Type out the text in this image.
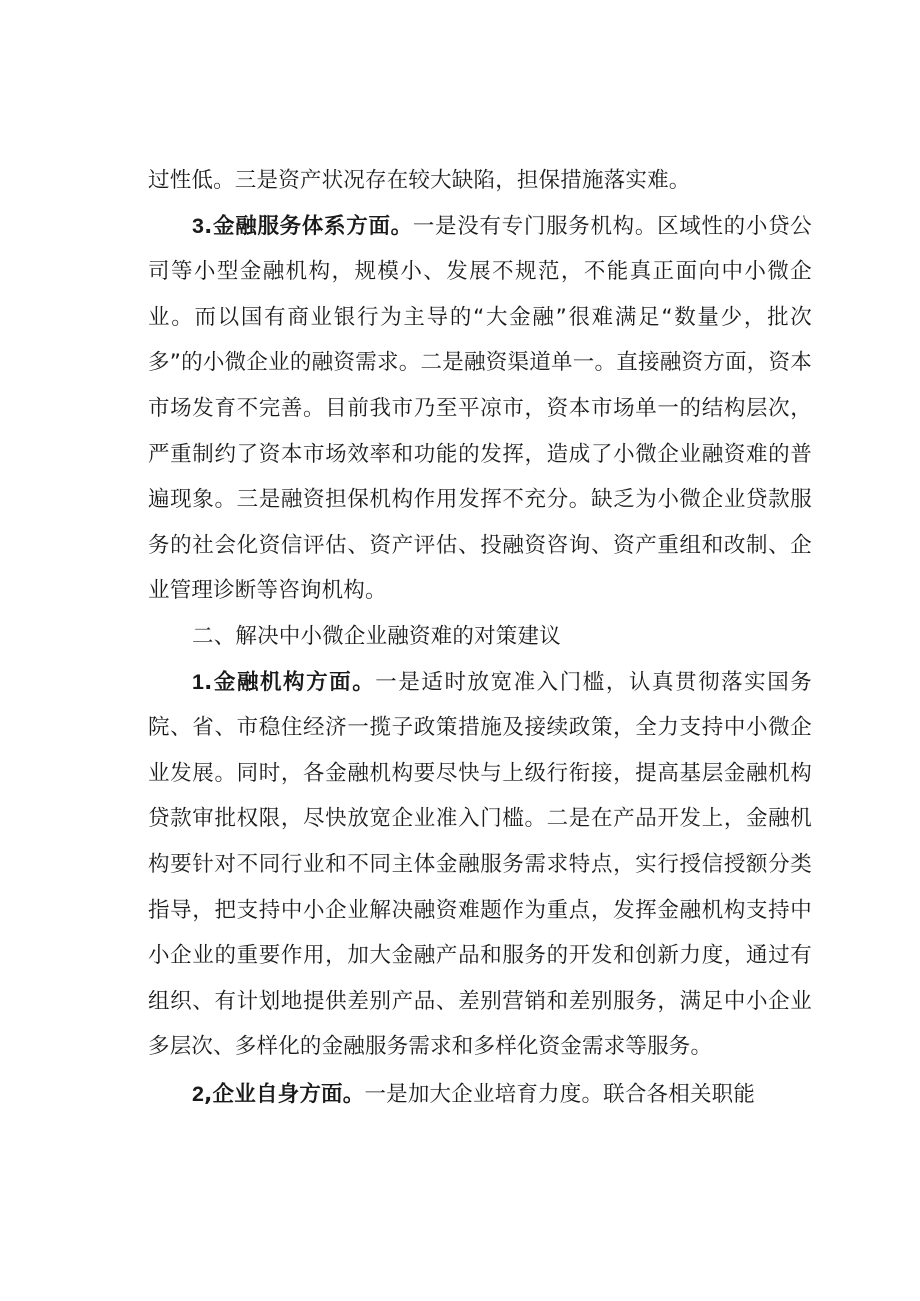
过性低。三是资产状况存在较大缺陷，担保措施落实难。

3.金融服务体系方面。一是没有专门服务机构。区域性的小贷公司等小型金融机构，规模小、发展不规范，不能真正面向中小微企业。而以国有商业银行为主导的“大金融”很难满足“数量少，批次多”的小微企业的融资需求。二是融资渠道单一。直接融资方面，资本市场发育不完善。目前我市乃至平凉市，资本市场单一的结构层次，严重制约了资本市场效率和功能的发挥，造成了小微企业融资难的普遍现象。三是融资担保机构作用发挥不充分。缺乏为小微企业贷款服务的社会化资信评估、资产评估、投融资咨询、资产重组和改制、企业管理诊断等咨询机构。

二、解决中小微企业融资难的对策建议

1.金融机构方面。一是适时放宽准入门槛，认真贯彻落实国务院、省、市稳住经济一揽子政策措施及接续政策，全力支持中小微企业发展。同时，各金融机构要尽快与上级行衔接，提高基层金融机构贷款审批权限，尽快放宽企业准入门槛。二是在产品开发上，金融机构要针对不同行业和不同主体金融服务需求特点，实行授信授额分类指导，把支持中小企业解决融资难题作为重点，发挥金融机构支持中小企业的重要作用，加大金融产品和服务的开发和创新力度，通过有组织、有计划地提供差别产品、差别营销和差别服务，满足中小企业多层次、多样化的金融服务需求和多样化资金需求等服务。

2,企业自身方面。一是加大企业培育力度。联合各相关职能
